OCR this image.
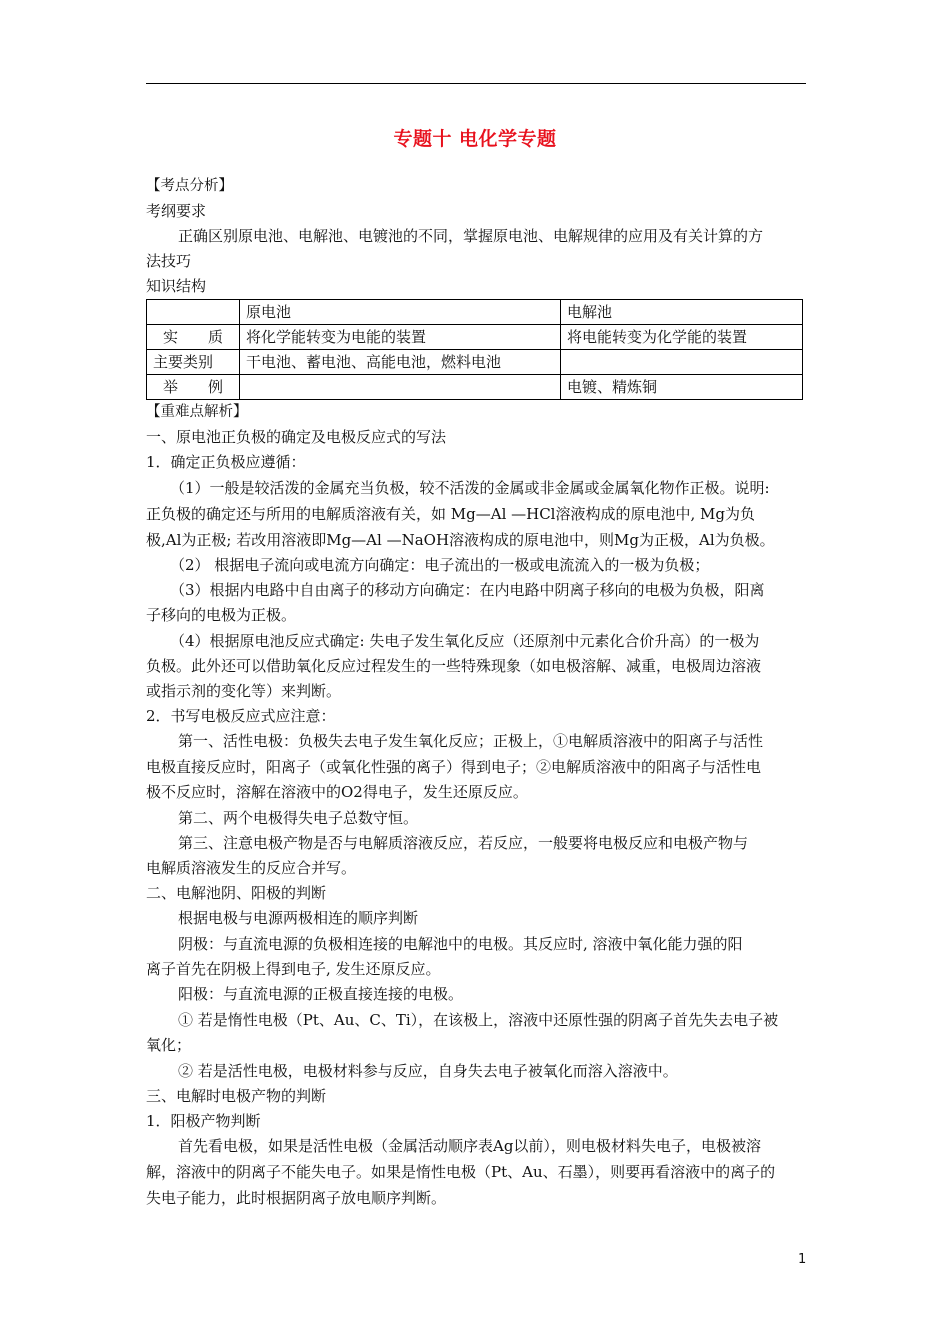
专题十 电化学专题
【考点分析】
考纲要求
正确区别原电池、电解池、电镀池的不同，掌握原电池、电解规律的应用及有关计算的方
法技巧
知识结构
	原电池	电解池

实 质	将化学能转变为电能的装置	将电能转变为化学能的装置
主要类别	干电池、蓄电池、高能电池，燃料电池	

举 例		电镀、精炼铜
【重难点解析】
一、原电池正负极的确定及电极反应式的写法
1．确定正负极应遵循：
（1）一般是较活泼的金属充当负极，较不活泼的金属或非金属或金属氧化物作正极。说明:
正负极的确定还与所用的电解质溶液有关，如 Mg—Al —HCl溶液构成的原电池中, Mg为负
极,Al为正极; 若改用溶液即Mg—Al —NaOH溶液构成的原电池中，则Mg为正极，Al为负极。
（2） 根据电子流向或电流方向确定：电子流出的一极或电流流入的一极为负极；
（3）根据内电路中自由离子的移动方向确定：在内电路中阴离子移向的电极为负极，阳离
子移向的电极为正极。
（4）根据原电池反应式确定: 失电子发生氧化反应（还原剂中元素化合价升高）的一极为
负极。此外还可以借助氧化反应过程发生的一些特殊现象（如电极溶解、减重，电极周边溶液
或指示剂的变化等）来判断。
2．书写电极反应式应注意：
第一、活性电极：负极失去电子发生氧化反应；正极上，①电解质溶液中的阳离子与活性
电极直接反应时，阳离子（或氧化性强的离子）得到电子；②电解质溶液中的阳离子与活性电
极不反应时，溶解在溶液中的O2得电子，发生还原反应。
第二、两个电极得失电子总数守恒。
第三、注意电极产物是否与电解质溶液反应，若反应，一般要将电极反应和电极产物与
电解质溶液发生的反应合并写。
二、电解池阴、阳极的判断
根据电极与电源两极相连的顺序判断
阴极：与直流电源的负极相连接的电解池中的电极。其反应时, 溶液中氧化能力强的阳
离子首先在阴极上得到电子, 发生还原反应。
阳极：与直流电源的正极直接连接的电极。
① 若是惰性电极（Pt、Au、C、Ti），在该极上，溶液中还原性强的阴离子首先失去电子被
氧化；
② 若是活性电极，电极材料参与反应，自身失去电子被氧化而溶入溶液中。
三、电解时电极产物的判断
1．阳极产物判断
首先看电极，如果是活性电极（金属活动顺序表Ag以前），则电极材料失电子，电极被溶
解，溶液中的阴离子不能失电子。如果是惰性电极（Pt、Au、石墨），则要再看溶液中的离子的
失电子能力，此时根据阴离子放电顺序判断。
1
